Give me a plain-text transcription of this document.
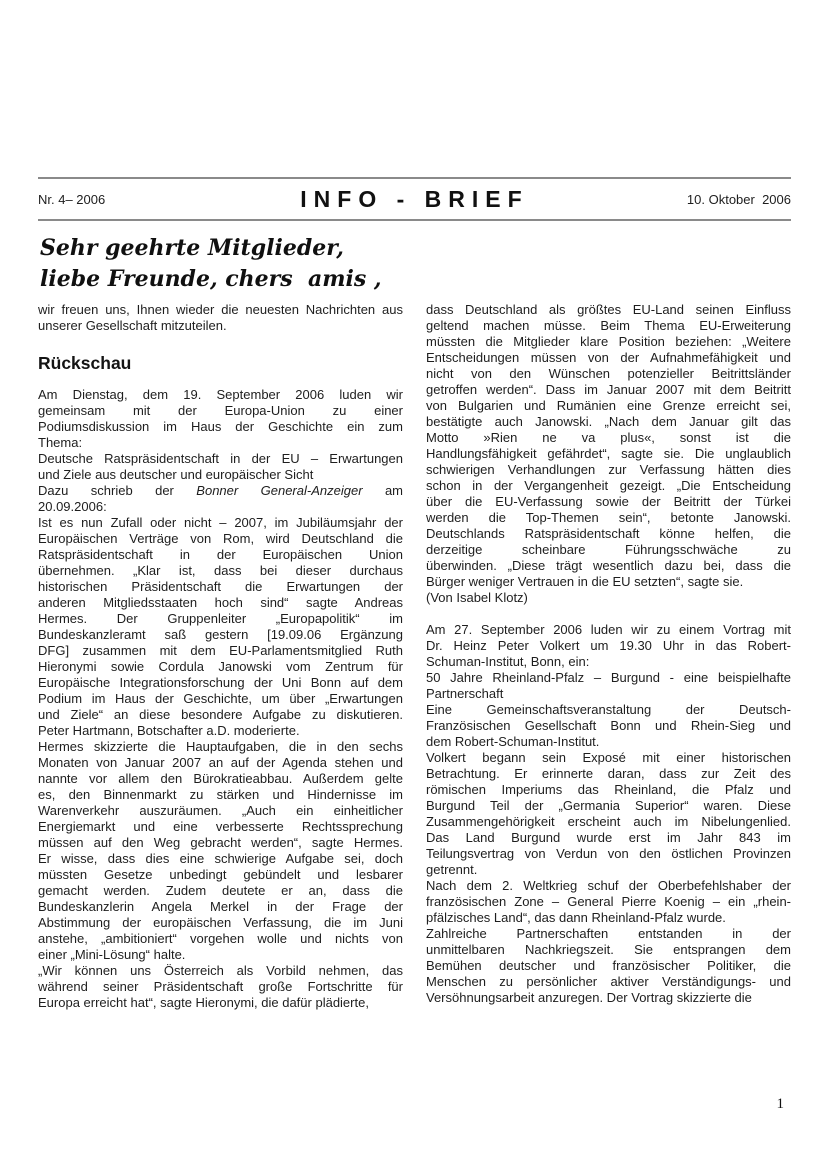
Nr. 4– 2006	INFO - BRIEF	10. Oktober  2006
Sehr geehrte Mitglieder,
liebe Freunde, chers  amis ,
wir freuen uns, Ihnen wieder die neuesten Nachrichten aus
unserer Gesellschaft mitzuteilen.
Rückschau
Am Dienstag, dem 19. September 2006 luden wir
gemeinsam mit der Europa-Union zu einer
Podiumsdiskussion im Haus der Geschichte ein zum
Thema:
Deutsche Ratspräsidentschaft in der EU – Erwartungen
und Ziele aus deutscher und europäischer Sicht
Dazu schrieb der Bonner General-Anzeiger am
20.09.2006:
Ist es nun Zufall oder nicht – 2007, im Jubiläumsjahr der
Europäischen Verträge von Rom, wird Deutschland die
Ratspräsidentschaft in der Europäischen Union
übernehmen. „Klar ist, dass bei dieser durchaus
historischen Präsidentschaft die Erwartungen der
anderen Mitgliedsstaaten hoch sind“ sagte Andreas
Hermes. Der Gruppenleiter „Europapolitik“ im
Bundeskanzleramt saß gestern [19.09.06 Ergänzung
DFG] zusammen mit dem EU-Parlamentsmitglied Ruth
Hieronymi sowie Cordula Janowski vom Zentrum für
Europäische Integrationsforschung der Uni Bonn auf dem
Podium im Haus der Geschichte, um über „Erwartungen
und Ziele“ an diese besondere Aufgabe zu diskutieren.
Peter Hartmann, Botschafter a.D. moderierte.
Hermes skizzierte die Hauptaufgaben, die in den sechs
Monaten von Januar 2007 an auf der Agenda stehen und
nannte vor allem den Bürokratieabbau. Außerdem gelte
es, den Binnenmarkt zu stärken und Hindernisse im
Warenverkehr auszuräumen. „Auch ein einheitlicher
Energiemarkt und eine verbesserte Rechtssprechung
müssen auf den Weg gebracht werden“, sagte Hermes.
Er wisse, dass dies eine schwierige Aufgabe sei, doch
müssten Gesetze unbedingt gebündelt und lesbarer
gemacht werden. Zudem deutete er an, dass die
Bundeskanzlerin Angela Merkel in der Frage der
Abstimmung der europäischen Verfassung, die im Juni
anstehe, „ambitioniert“ vorgehen wolle und nichts von
einer „Mini-Lösung“ halte.
„Wir können uns Österreich als Vorbild nehmen, das
während seiner Präsidentschaft große Fortschritte für
Europa erreicht hat“, sagte Hieronymi, die dafür plädierte,
dass Deutschland als größtes EU-Land seinen Einfluss
geltend machen müsse. Beim Thema EU-Erweiterung
müssten die Mitglieder klare Position beziehen: „Weitere
Entscheidungen müssen von der Aufnahmefähigkeit und
nicht von den Wünschen potenzieller Beitrittsländer
getroffen werden“. Dass im Januar 2007 mit dem Beitritt
von Bulgarien und Rumänien eine Grenze erreicht sei,
bestätigte auch Janowski. „Nach dem Januar gilt das
Motto »Rien ne va plus«, sonst ist die
Handlungsfähigkeit gefährdet“, sagte sie. Die unglaublich
schwierigen Verhandlungen zur Verfassung hätten dies
schon in der Vergangenheit gezeigt. „Die Entscheidung
über die EU-Verfassung sowie der Beitritt der Türkei
werden die Top-Themen sein“, betonte Janowski.
Deutschlands Ratspräsidentschaft könne helfen, die
derzeitige scheinbare Führungsschwäche zu
überwinden. „Diese trägt wesentlich dazu bei, dass die
Bürger weniger Vertrauen in die EU setzten“, sagte sie.
(Von Isabel Klotz)
Am 27. September 2006 luden wir zu einem Vortrag mit
Dr. Heinz Peter Volkert um 19.30 Uhr in das Robert-
Schuman-Institut, Bonn, ein:
50 Jahre Rheinland-Pfalz – Burgund - eine beispielhafte
Partnerschaft
Eine Gemeinschaftsveranstaltung der Deutsch-
Französischen Gesellschaft Bonn und Rhein-Sieg und
dem Robert-Schuman-Institut.
Volkert begann sein Exposé mit einer historischen
Betrachtung. Er erinnerte daran, dass zur Zeit des
römischen Imperiums das Rheinland, die Pfalz und
Burgund Teil der „Germania Superior“ waren. Diese
Zusammengehörigkeit erscheint auch im Nibelungenlied.
Das Land Burgund wurde erst im Jahr 843 im
Teilungsvertrag von Verdun von den östlichen Provinzen
getrennt.
Nach dem 2. Weltkrieg schuf der Oberbefehlshaber der
französischen Zone – General Pierre Koenig – ein „rhein-
pfälzisches Land“, das dann Rheinland-Pfalz wurde.
Zahlreiche Partnerschaften entstanden in der
unmittelbaren Nachkriegszeit. Sie entsprangen dem
Bemühen deutscher und französischer Politiker, die
Menschen zu persönlicher aktiver Verständigungs- und
Versöhnungsarbeit anzuregen. Der Vortrag skizzierte die
1
